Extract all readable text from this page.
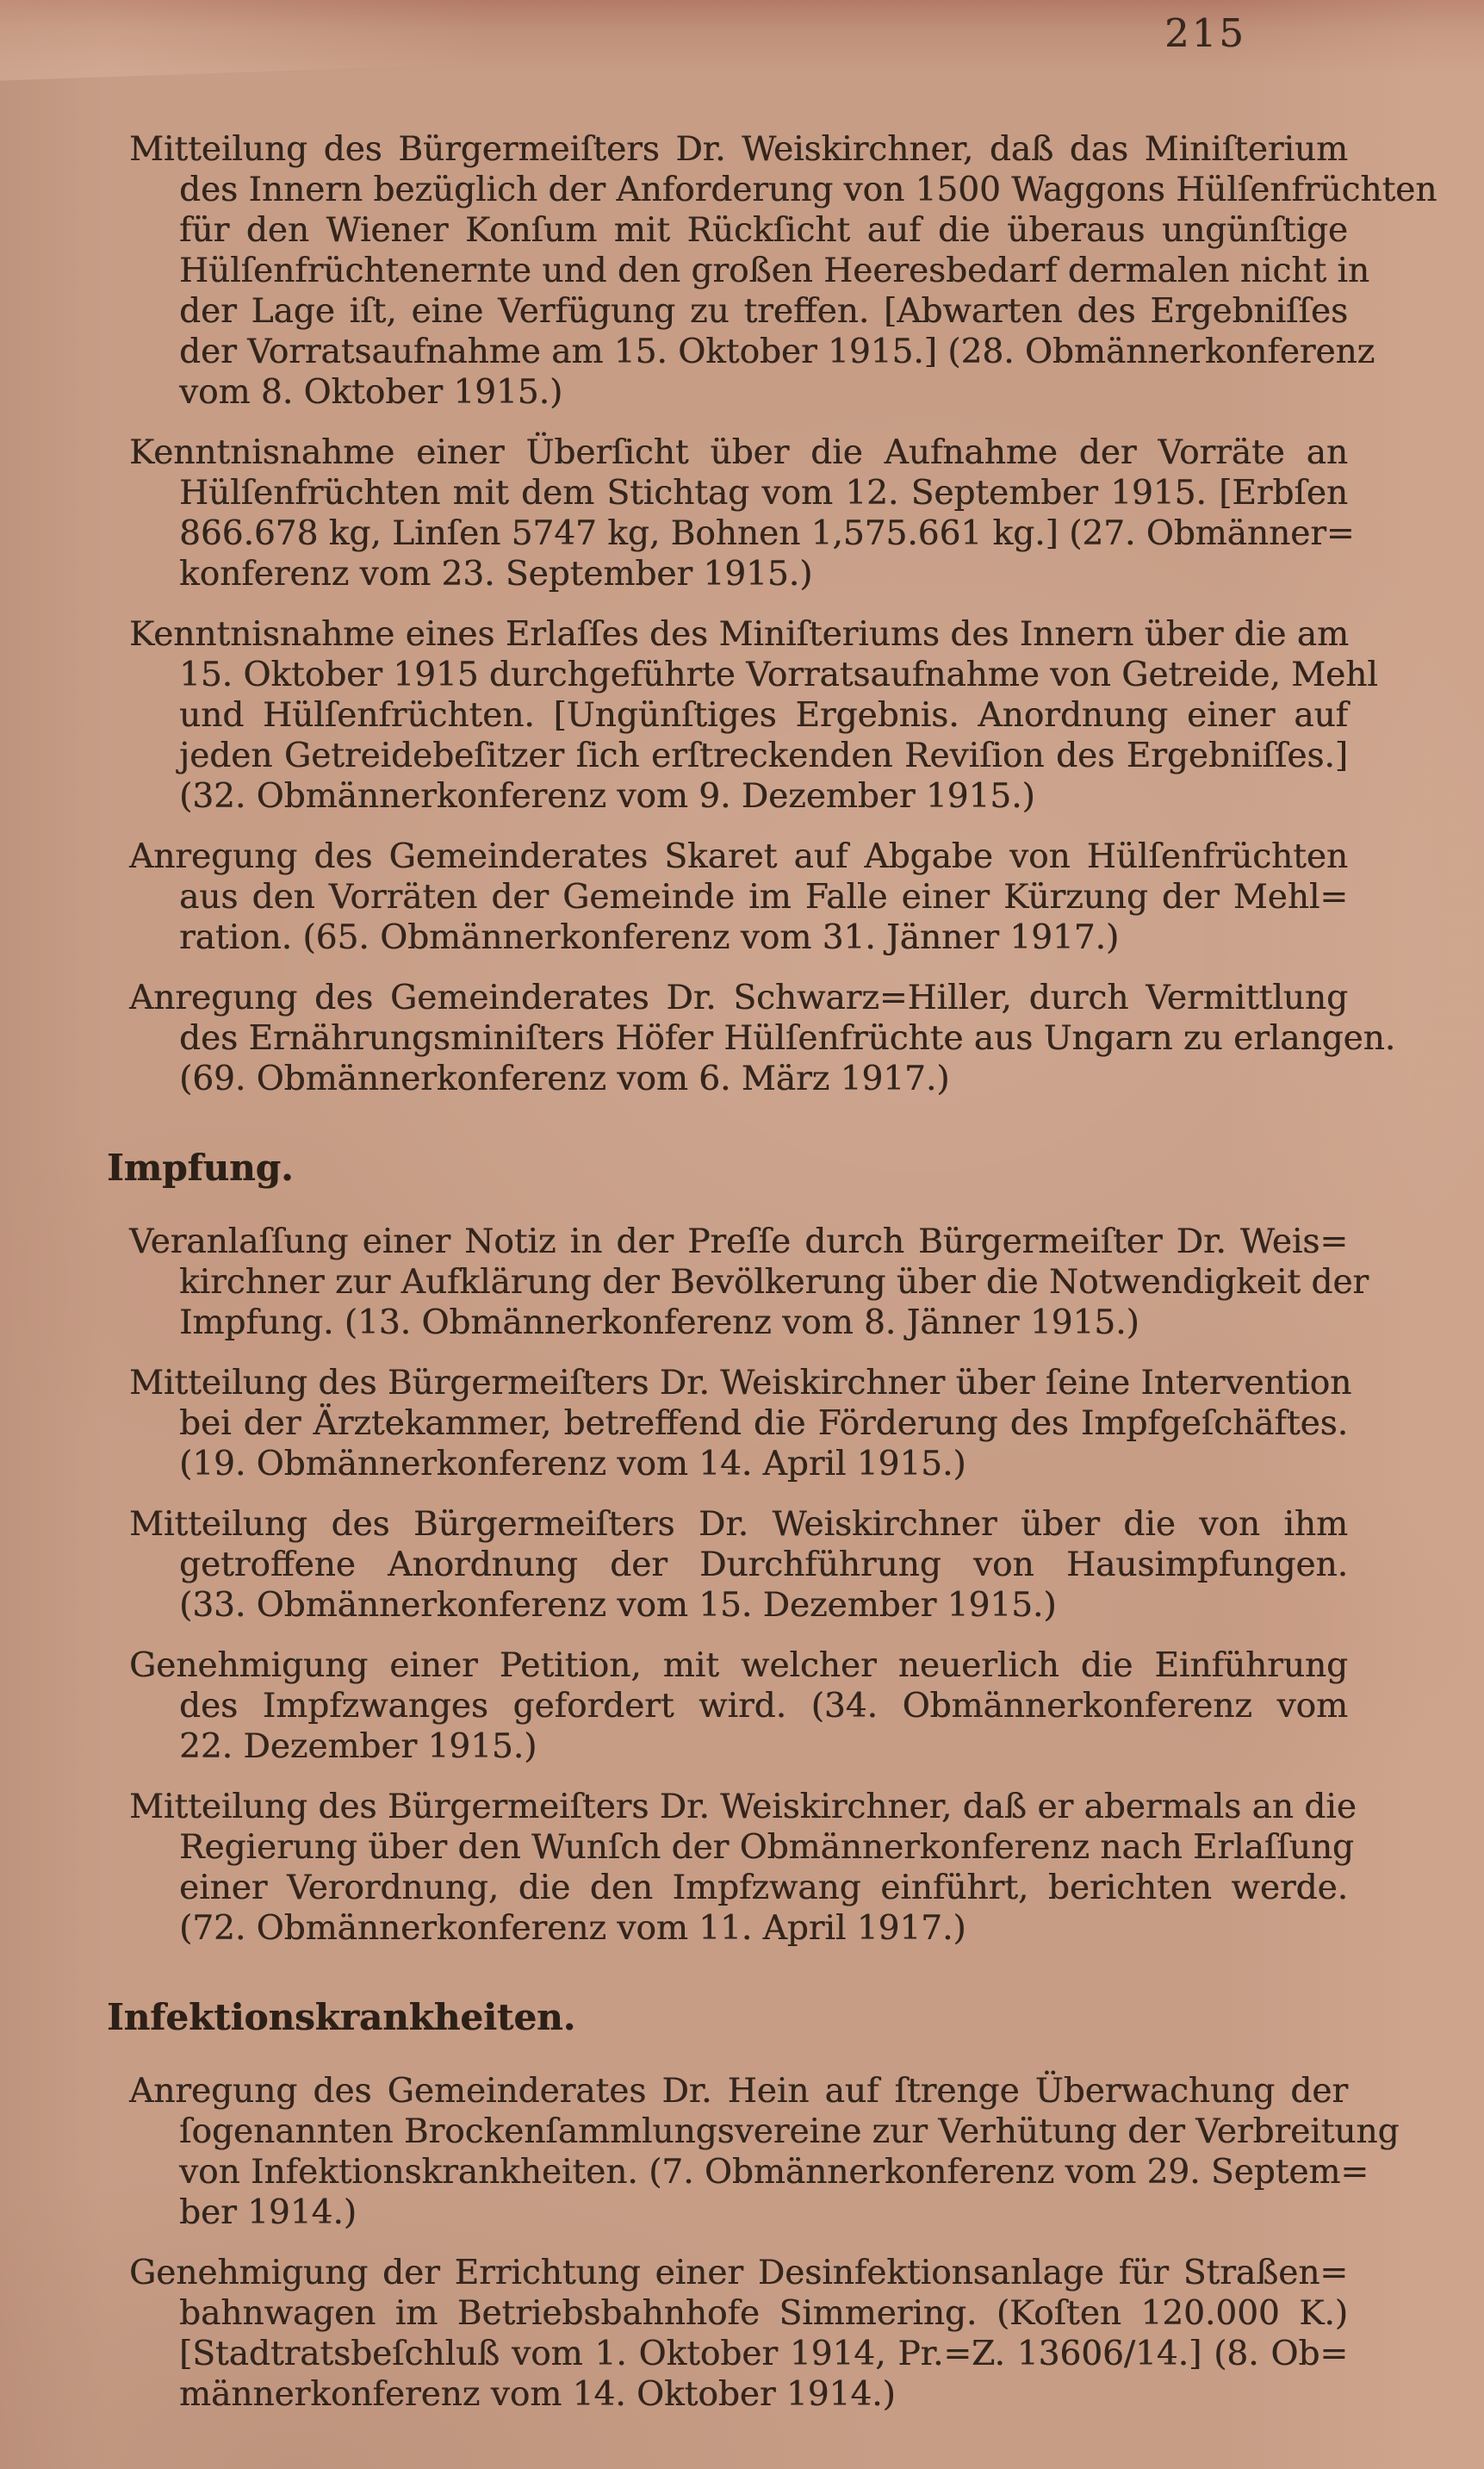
215
Mitteilung des Bürgermeiſters Dr. Weiskirchner, daß das Miniſterium
des Innern bezüglich der Anforderung von 1500 Waggons Hülſenfrüchten
für den Wiener Konſum mit Rückſicht auf die überaus ungünſtige
Hülſenfrüchtenernte und den großen Heeresbedarf dermalen nicht in
der Lage iſt, eine Verfügung zu treffen. [Abwarten des Ergebniſſes
der Vorratsaufnahme am 15. Oktober 1915.] (28. Obmännerkonferenz
vom 8. Oktober 1915.)
Kenntnisnahme einer Überſicht über die Aufnahme der Vorräte an
Hülſenfrüchten mit dem Stichtag vom 12. September 1915. [Erbſen
866.678 kg, Linſen 5747 kg, Bohnen 1,575.661 kg.] (27. Obmänner=
konferenz vom 23. September 1915.)
Kenntnisnahme eines Erlaſſes des Miniſteriums des Innern über die am
15. Oktober 1915 durchgeführte Vorratsaufnahme von Getreide, Mehl
und Hülſenfrüchten. [Ungünſtiges Ergebnis. Anordnung einer auf
jeden Getreidebeſitzer ſich erſtreckenden Reviſion des Ergebniſſes.]
(32. Obmännerkonferenz vom 9. Dezember 1915.)
Anregung des Gemeinderates Skaret auf Abgabe von Hülſenfrüchten
aus den Vorräten der Gemeinde im Falle einer Kürzung der Mehl=
ration. (65. Obmännerkonferenz vom 31. Jänner 1917.)
Anregung des Gemeinderates Dr. Schwarz=Hiller, durch Vermittlung
des Ernährungsminiſters Höfer Hülſenfrüchte aus Ungarn zu erlangen.
(69. Obmännerkonferenz vom 6. März 1917.)
Impfung.
Veranlaſſung einer Notiz in der Preſſe durch Bürgermeiſter Dr. Weis=
kirchner zur Aufklärung der Bevölkerung über die Notwendigkeit der
Impfung. (13. Obmännerkonferenz vom 8. Jänner 1915.)
Mitteilung des Bürgermeiſters Dr. Weiskirchner über ſeine Intervention
bei der Ärztekammer, betreffend die Förderung des Impfgeſchäftes.
(19. Obmännerkonferenz vom 14. April 1915.)
Mitteilung des Bürgermeiſters Dr. Weiskirchner über die von ihm
getroffene Anordnung der Durchführung von Hausimpfungen.
(33. Obmännerkonferenz vom 15. Dezember 1915.)
Genehmigung einer Petition, mit welcher neuerlich die Einführung
des Impfzwanges gefordert wird. (34. Obmännerkonferenz vom
22. Dezember 1915.)
Mitteilung des Bürgermeiſters Dr. Weiskirchner, daß er abermals an die
Regierung über den Wunſch der Obmännerkonferenz nach Erlaſſung
einer Verordnung, die den Impfzwang einführt, berichten werde.
(72. Obmännerkonferenz vom 11. April 1917.)
Infektionskrankheiten.
Anregung des Gemeinderates Dr. Hein auf ſtrenge Überwachung der
ſogenannten Brockenſammlungsvereine zur Verhütung der Verbreitung
von Infektionskrankheiten. (7. Obmännerkonferenz vom 29. Septem=
ber 1914.)
Genehmigung der Errichtung einer Desinfektionsanlage für Straßen=
bahnwagen im Betriebsbahnhofe Simmering. (Koſten 120.000 K.)
[Stadtratsbeſchluß vom 1. Oktober 1914, Pr.=Z. 13606/14.] (8. Ob=
männerkonferenz vom 14. Oktober 1914.)
